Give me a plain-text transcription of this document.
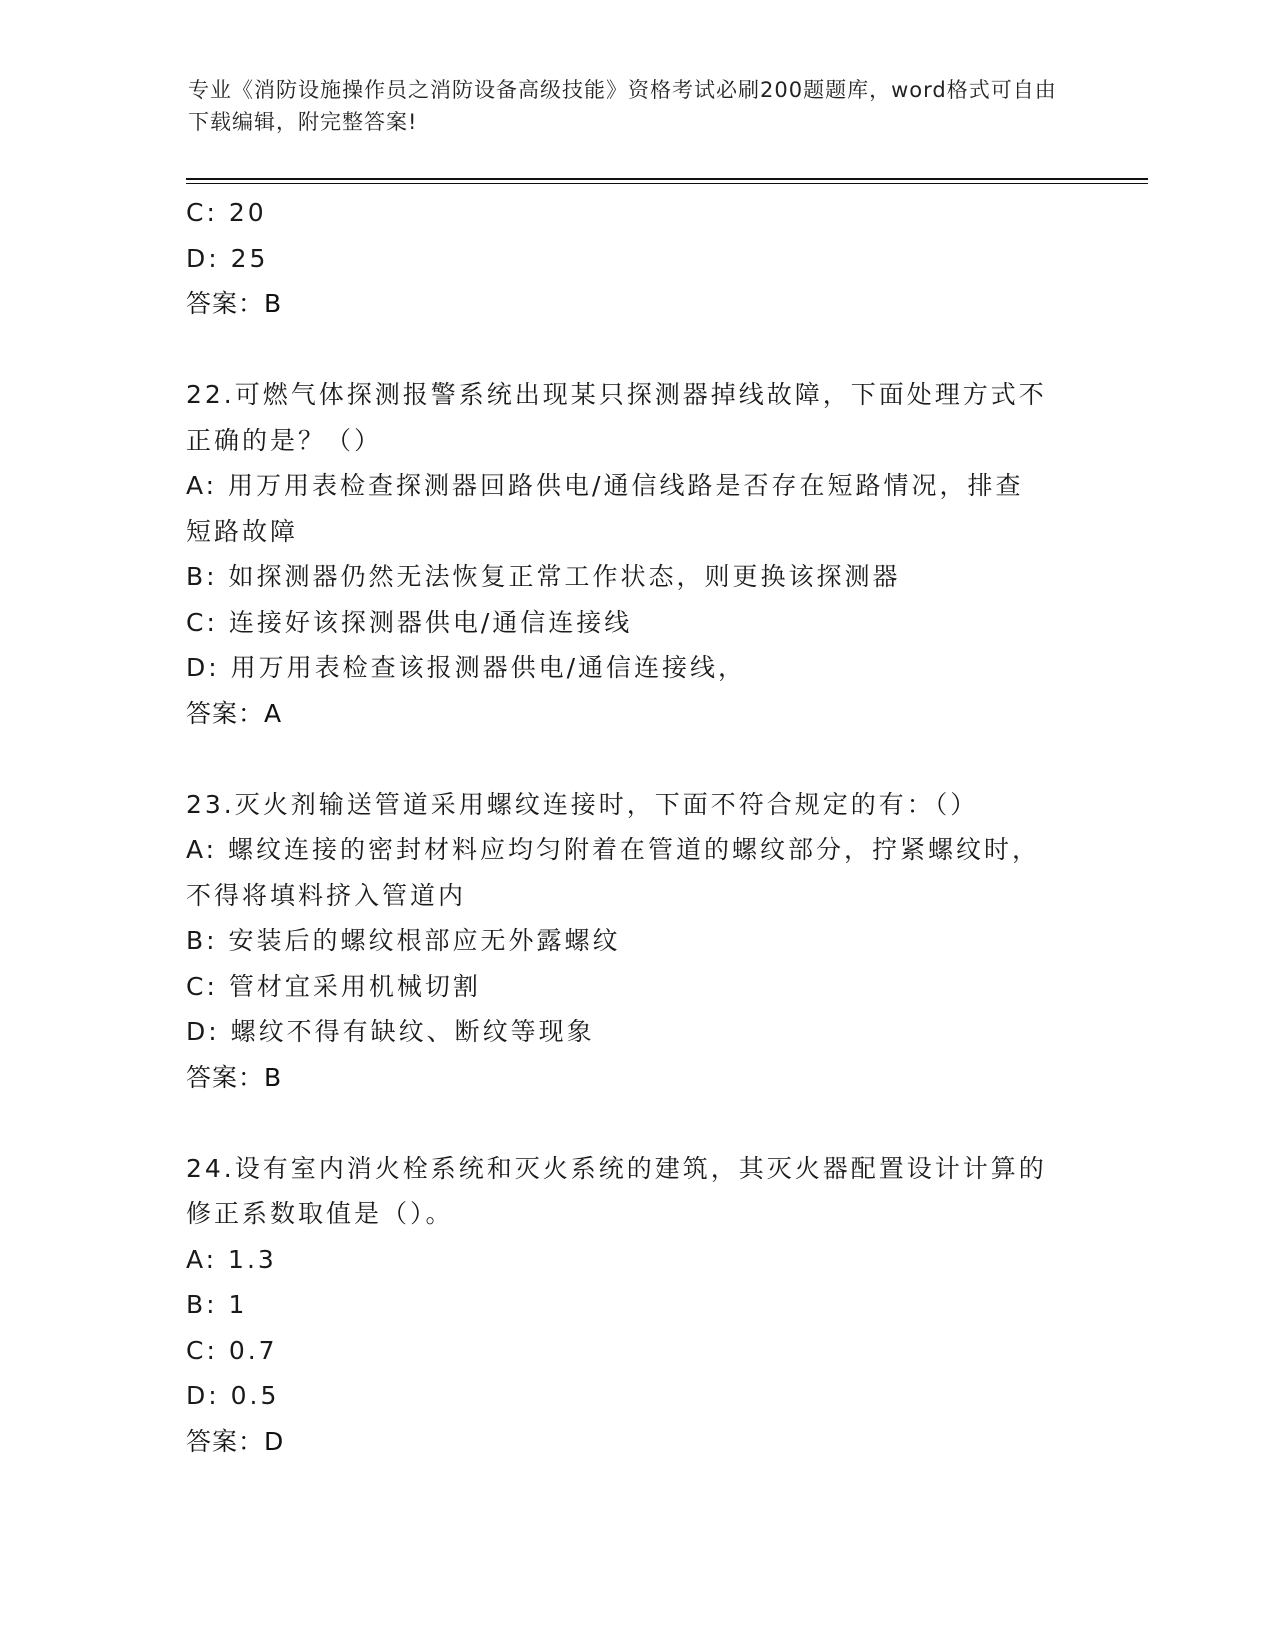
专业《消防设施操作员之消防设备高级技能》资格考试必刷200题题库，word格式可自由下载编辑，附完整答案!
C: 20
D: 25
答案：B
22.可燃气体探测报警系统出现某只探测器掉线故障，下面处理方式不
正确的是？（）
A: 用万用表检查探测器回路供电/通信线路是否存在短路情况，排查
短路故障
B: 如探测器仍然无法恢复正常工作状态，则更换该探测器
C: 连接好该探测器供电/通信连接线
D: 用万用表检查该报测器供电/通信连接线，
答案：A
23.灭火剂输送管道采用螺纹连接时，下面不符合规定的有：（）
A: 螺纹连接的密封材料应均匀附着在管道的螺纹部分，拧紧螺纹时，
不得将填料挤入管道内
B: 安装后的螺纹根部应无外露螺纹
C: 管材宜采用机械切割
D: 螺纹不得有缺纹、断纹等现象
答案：B
24.设有室内消火栓系统和灭火系统的建筑，其灭火器配置设计计算的
修正系数取值是（）。
A: 1.3
B: 1
C: 0.7
D: 0.5
答案：D
